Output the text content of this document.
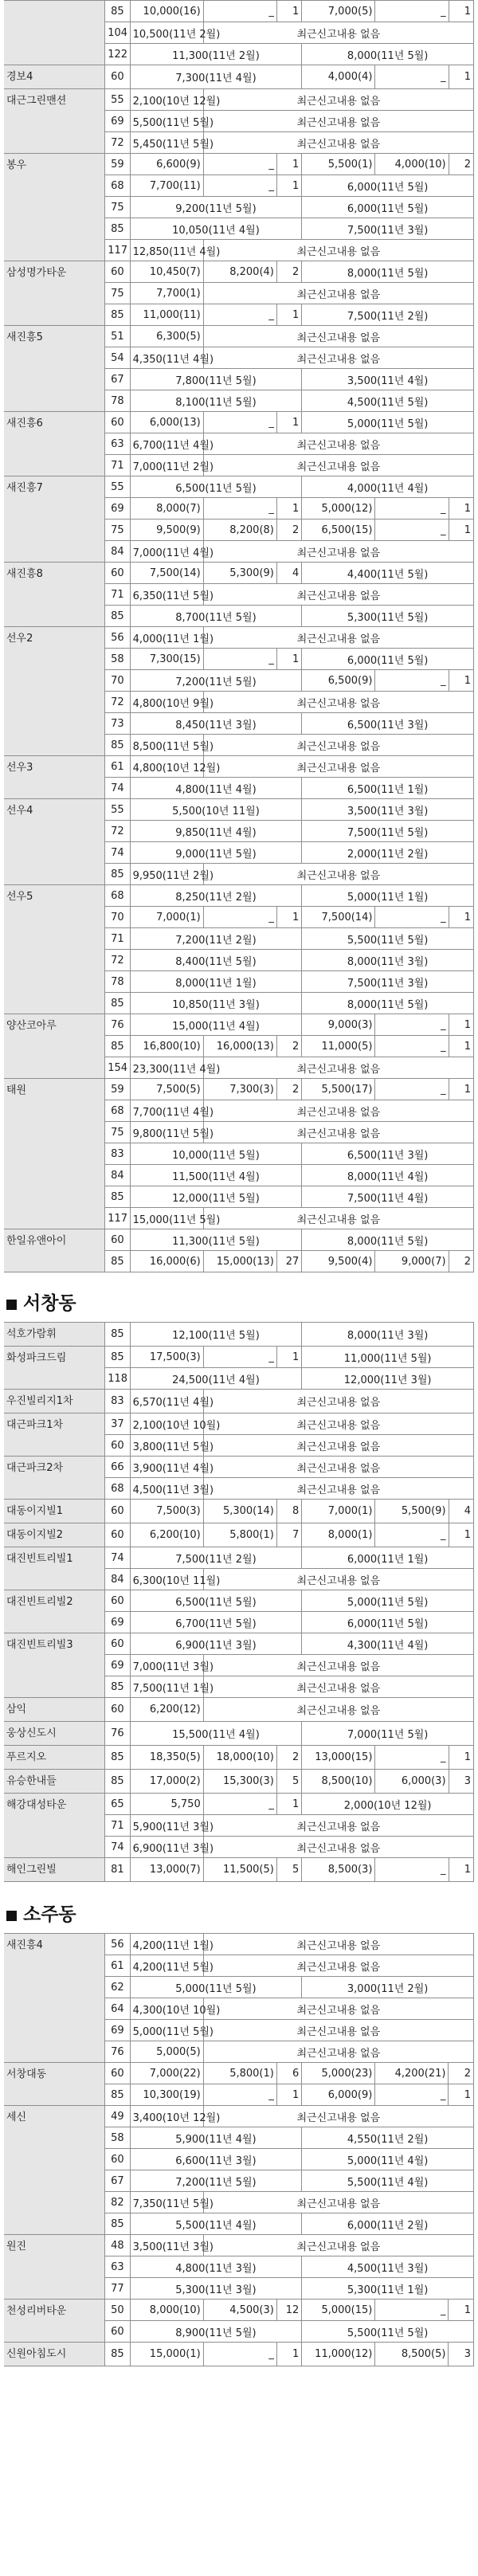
	85	10,000(16)	_	1	7,000(5)	_	1
	104	10,500(11년 2월)	최근신고내용 없음				
	122	11,300(11년 2월)			8,000(11년 5월)		
경보4	60	7,300(11년 4월)			4,000(4)	_	1
대근그린맨션	55	2,100(10년 12월)	최근신고내용 없음				
	69	5,500(11년 5월)	최근신고내용 없음				
	72	5,450(11년 5월)	최근신고내용 없음				
봉우	59	6,600(9)	_	1	5,500(1)	4,000(10)	2
	68	7,700(11)	_	1	6,000(11년 5월)		
	75	9,200(11년 5월)			6,000(11년 5월)		
	85	10,050(11년 4월)			7,500(11년 3월)		
	117	12,850(11년 4월)	최근신고내용 없음				
삼성명가타운	60	10,450(7)	8,200(4)	2	8,000(11년 5월)		
	75	7,700(1)	최근신고내용 없음				
	85	11,000(11)	_	1	7,500(11년 2월)		
새진흥5	51	6,300(5)	최근신고내용 없음				
	54	4,350(11년 4월)	최근신고내용 없음				
	67	7,800(11년 5월)			3,500(11년 4월)		
	78	8,100(11년 5월)			4,500(11년 5월)		
새진흥6	60	6,000(13)	_	1	5,000(11년 5월)		
	63	6,700(11년 4월)	최근신고내용 없음				
	71	7,000(11년 2월)	최근신고내용 없음				
새진흥7	55	6,500(11년 5월)			4,000(11년 4월)		
	69	8,000(7)	_	1	5,000(12)	_	1
	75	9,500(9)	8,200(8)	2	6,500(15)	_	1
	84	7,000(11년 4월)	최근신고내용 없음				
새진흥8	60	7,500(14)	5,300(9)	4	4,400(11년 5월)		
	71	6,350(11년 5월)	최근신고내용 없음				
	85	8,700(11년 5월)			5,300(11년 5월)		
선우2	56	4,000(11년 1월)	최근신고내용 없음				
	58	7,300(15)	_	1	6,000(11년 5월)		
	70	7,200(11년 5월)			6,500(9)	_	1
	72	4,800(10년 9월)	최근신고내용 없음				
	73	8,450(11년 3월)			6,500(11년 3월)		
	85	8,500(11년 5월)	최근신고내용 없음				
선우3	61	4,800(10년 12월)	최근신고내용 없음				
	74	4,800(11년 4월)			6,500(11년 1월)		
선우4	55	5,500(10년 11월)			3,500(11년 3월)		
	72	9,850(11년 4월)			7,500(11년 5월)		
	74	9,000(11년 5월)			2,000(11년 2월)		
	85	9,950(11년 2월)	최근신고내용 없음				
선우5	68	8,250(11년 2월)			5,000(11년 1월)		
	70	7,000(1)	_	1	7,500(14)	_	1
	71	7,200(11년 2월)			5,500(11년 5월)		
	72	8,400(11년 5월)			8,000(11년 3월)		
	78	8,000(11년 1월)			7,500(11년 3월)		
	85	10,850(11년 3월)			8,000(11년 5월)		
양산코아루	76	15,000(11년 4월)			9,000(3)	_	1
	85	16,800(10)	16,000(13)	2	11,000(5)	_	1
	154	23,300(11년 4월)	최근신고내용 없음				
태원	59	7,500(5)	7,300(3)	2	5,500(17)	_	1
	68	7,700(11년 4월)	최근신고내용 없음				
	75	9,800(11년 5월)	최근신고내용 없음				
	83	10,000(11년 5월)			6,500(11년 3월)		
	84	11,500(11년 4월)			8,000(11년 4월)		
	85	12,000(11년 5월)			7,500(11년 4월)		
	117	15,000(11년 5월)	최근신고내용 없음				
한일유앤아이	60	11,300(11년 5월)			8,000(11년 5월)		
	85	16,000(6)	15,000(13)	27	9,500(4)	9,000(7)	2
서창동
석호가람휘	85	12,100(11년 5월)			8,000(11년 3월)		
화성파크드림	85	17,500(3)	_	1	11,000(11년 5월)		
	118	24,500(11년 4월)			12,000(11년 3월)		
우진빌리지1차	83	6,570(11년 4월)	최근신고내용 없음				
대근파크1차	37	2,100(10년 10월)	최근신고내용 없음				
	60	3,800(11년 5월)	최근신고내용 없음				
대근파크2차	66	3,900(11년 4월)	최근신고내용 없음				
	68	4,500(11년 3월)	최근신고내용 없음				
대동이지빌1	60	7,500(3)	5,300(14)	8	7,000(1)	5,500(9)	4
대동이지빌2	60	6,200(10)	5,800(1)	7	8,000(1)	_	1
대진빈트리빌1	74	7,500(11년 2월)			6,000(11년 1월)		
	84	6,300(10년 11월)	최근신고내용 없음				
대진빈트리빌2	60	6,500(11년 5월)			5,000(11년 5월)		
	69	6,700(11년 5월)			6,000(11년 5월)		
대진빈트리빌3	60	6,900(11년 3월)			4,300(11년 4월)		
	69	7,000(11년 3월)	최근신고내용 없음				
	85	7,500(11년 1월)	최근신고내용 없음				
삼익	60	6,200(12)	최근신고내용 없음				
웅상신도시	76	15,500(11년 4월)			7,000(11년 5월)		
푸르지오	85	18,350(5)	18,000(10)	2	13,000(15)	_	1
유승한내들	85	17,000(2)	15,300(3)	5	8,500(10)	6,000(3)	3
해강대성타운	65	5,750	_	1	2,000(10년 12월)		
	71	5,900(11년 3월)	최근신고내용 없음				
	74	6,900(11년 3월)	최근신고내용 없음				
해인그린빌	81	13,000(7)	11,500(5)	5	8,500(3)	_	1
소주동
새진흥4	56	4,200(11년 1월)	최근신고내용 없음				
	61	4,200(11년 5월)	최근신고내용 없음				
	62	5,000(11년 5월)			3,000(11년 2월)		
	64	4,300(10년 10월)	최근신고내용 없음				
	69	5,000(11년 5월)	최근신고내용 없음				
	76	5,000(5)	최근신고내용 없음				
서창대동	60	7,000(22)	5,800(1)	6	5,000(23)	4,200(21)	2
	85	10,300(19)	_	1	6,000(9)	_	1
세신	49	3,400(10년 12월)	최근신고내용 없음				
	58	5,900(11년 4월)			4,550(11년 2월)		
	60	6,600(11년 3월)			5,000(11년 4월)		
	67	7,200(11년 5월)			5,500(11년 4월)		
	82	7,350(11년 5월)	최근신고내용 없음				
	85	5,500(11년 4월)			6,000(11년 2월)		
원진	48	3,500(11년 3월)	최근신고내용 없음				
	63	4,800(11년 3월)			4,500(11년 3월)		
	77	5,300(11년 3월)			5,300(11년 1월)		
천성리버타운	50	8,000(10)	4,500(3)	12	5,000(15)	_	1
	60	8,900(11년 5월)			5,500(11년 5월)		
신원아침도시	85	15,000(1)	_	1	11,000(12)	8,500(5)	3
